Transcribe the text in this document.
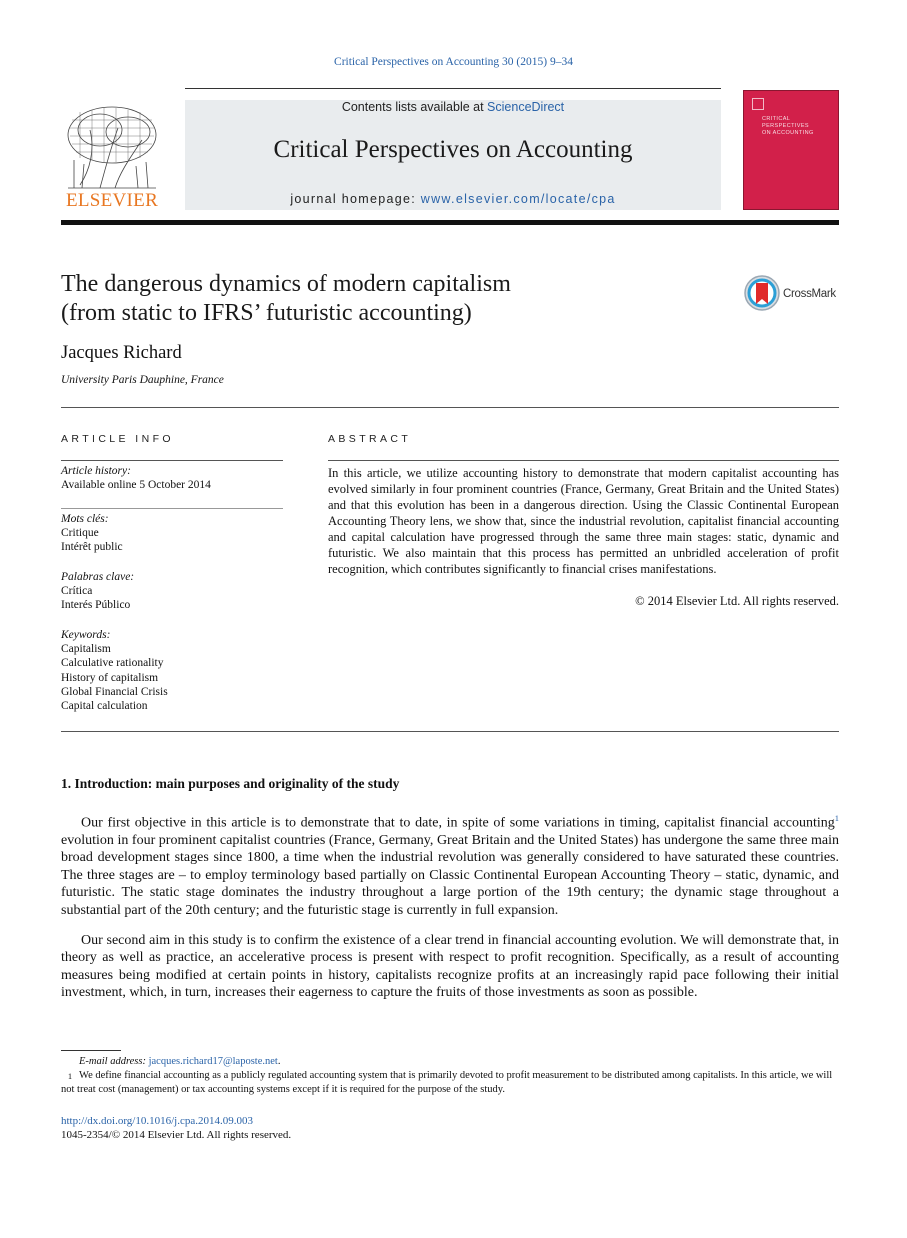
Critical Perspectives on Accounting 30 (2015) 9–34
Contents lists available at ScienceDirect
Critical Perspectives on Accounting
journal homepage: www.elsevier.com/locate/cpa
ELSEVIER
CRITICAL
PERSPECTIVES
ON ACCOUNTING
The dangerous dynamics of modern capitalism
(from static to IFRS’ futuristic accounting)
CrossMark
Jacques Richard
University Paris Dauphine, France
ARTICLE INFO
Article history:
Available online 5 October 2014
Mots clés:
Critique
Intérêt public
Palabras clave:
Crítica
Interés Público
Keywords:
Capitalism
Calculative rationality
History of capitalism
Global Financial Crisis
Capital calculation
ABSTRACT
In this article, we utilize accounting history to demonstrate that modern capitalist accounting has evolved similarly in four prominent countries (France, Germany, Great Britain and the United States) and that this evolution has been in a dangerous direction. Using the Classic Continental European Accounting Theory lens, we show that, since the industrial revolution, capitalist financial accounting and capital calculation have progressed through the same three main stages: static, dynamic and futuristic. We also maintain that this process has permitted an unbridled acceleration of profit recognition, which contributes significantly to financial crises manifestations.
© 2014 Elsevier Ltd. All rights reserved.
1. Introduction: main purposes and originality of the study
Our first objective in this article is to demonstrate that to date, in spite of some variations in timing, capitalist financial accounting$^1$ evolution in four prominent capitalist countries (France, Germany, Great Britain and the United States) has undergone the same three main broad development stages since 1800, a time when the industrial revolution was generally considered to have saturated these countries. The three stages are – to employ terminology based partially on Classic Continental European Accounting Theory – static, dynamic, and futuristic. The static stage dominates the industry throughout a large portion of the 19th century; the dynamic stage throughout a substantial part of the 20th century; and the futuristic stage is currently in full expansion.
Our second aim in this study is to confirm the existence of a clear trend in financial accounting evolution. We will demonstrate that, in theory as well as practice, an accelerative process is present with respect to profit recognition. Specifically, as a result of accounting measures being modified at certain points in history, capitalists recognize profits at an increasingly rapid pace following their initial investment, which, in turn, increases their eagerness to capture the fruits of those investments as soon as possible.
E-mail address: jacques.richard17@laposte.net.
1 We define financial accounting as a publicly regulated accounting system that is primarily devoted to profit measurement to be distributed among capitalists. In this article, we will not treat cost (management) or tax accounting systems except if it is required for the purpose of the study.
http://dx.doi.org/10.1016/j.cpa.2014.09.003
1045-2354/© 2014 Elsevier Ltd. All rights reserved.
